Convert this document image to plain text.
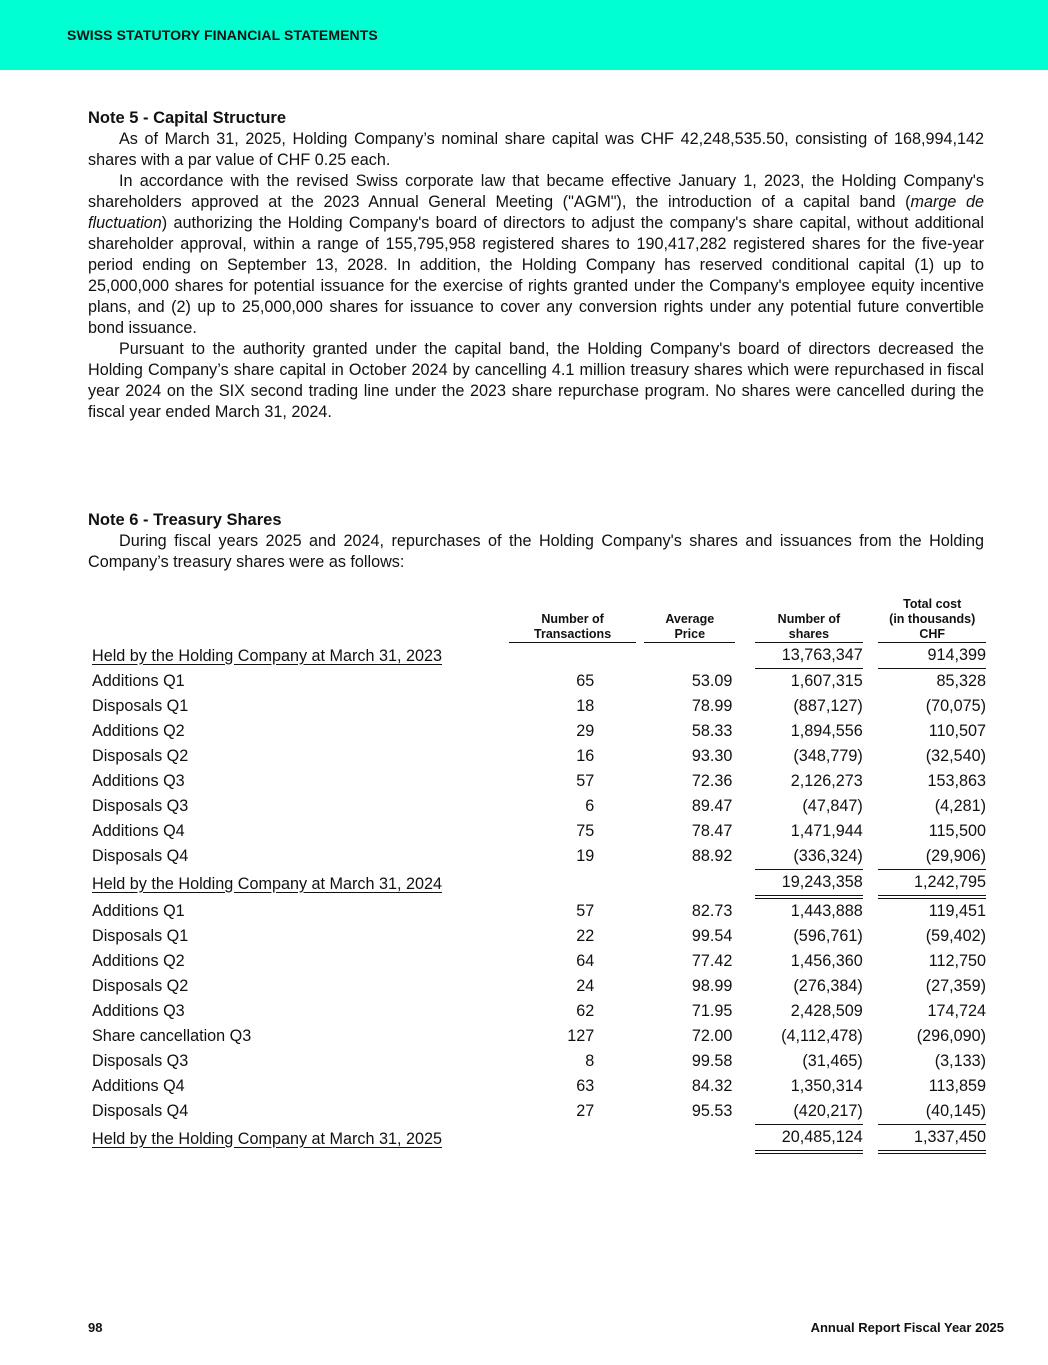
SWISS STATUTORY FINANCIAL STATEMENTS
Note 5 - Capital Structure

As of March 31, 2025, Holding Company’s nominal share capital was CHF 42,248,535.50, consisting of 168,994,142 shares with a par value of CHF 0.25 each.

In accordance with the revised Swiss corporate law that became effective January 1, 2023, the Holding Company's shareholders approved at the 2023 Annual General Meeting ("AGM"), the introduction of a capital band (marge de fluctuation) authorizing the Holding Company's board of directors to adjust the company's share capital, without additional shareholder approval, within a range of 155,795,958 registered shares to 190,417,282 registered shares for the five-year period ending on September 13, 2028. In addition, the Holding Company has reserved conditional capital (1) up to 25,000,000 shares for potential issuance for the exercise of rights granted under the Company's employee equity incentive plans, and (2) up to 25,000,000 shares for issuance to cover any conversion rights under any potential future convertible bond issuance.

Pursuant to the authority granted under the capital band, the Holding Company's board of directors decreased the Holding Company’s share capital in October 2024 by cancelling 4.1 million treasury shares which were repurchased in fiscal year 2024 on the SIX second trading line under the 2023 share repurchase program. No shares were cancelled during the fiscal year ended March 31, 2024.

Note 6 - Treasury Shares

During fiscal years 2025 and 2024, repurchases of the Holding Company's shares and issuances from the Holding Company’s treasury shares were as follows:

	Number of
Transactions		Average
Price		Number of
shares		Total cost
(in thousands)
CHF

Held by the Holding Company at March 31, 2023					13,763,347		914,399
Additions Q1	65		53.09		1,607,315		85,328
Disposals Q1	18		78.99		(887,127)		(70,075)
Additions Q2	29		58.33		1,894,556		110,507
Disposals Q2	16		93.30		(348,779)		(32,540)
Additions Q3	57		72.36		2,126,273		153,863
Disposals Q3	6		89.47		(47,847)		(4,281)
Additions Q4	75		78.47		1,471,944		115,500
Disposals Q4	19		88.92		(336,324)		(29,906)
Held by the Holding Company at March 31, 2024					19,243,358		1,242,795
Additions Q1	57		82.73		1,443,888		119,451
Disposals Q1	22		99.54		(596,761)		(59,402)
Additions Q2	64		77.42		1,456,360		112,750
Disposals Q2	24		98.99		(276,384)		(27,359)
Additions Q3	62		71.95		2,428,509		174,724
Share cancellation Q3	127		72.00		(4,112,478)		(296,090)
Disposals Q3	8		99.58		(31,465)		(3,133)
Additions Q4	63		84.32		1,350,314		113,859
Disposals Q4	27		95.53		(420,217)		(40,145)
Held by the Holding Company at March 31, 2025					20,485,124		1,337,450
98	Annual Report Fiscal Year 2025
